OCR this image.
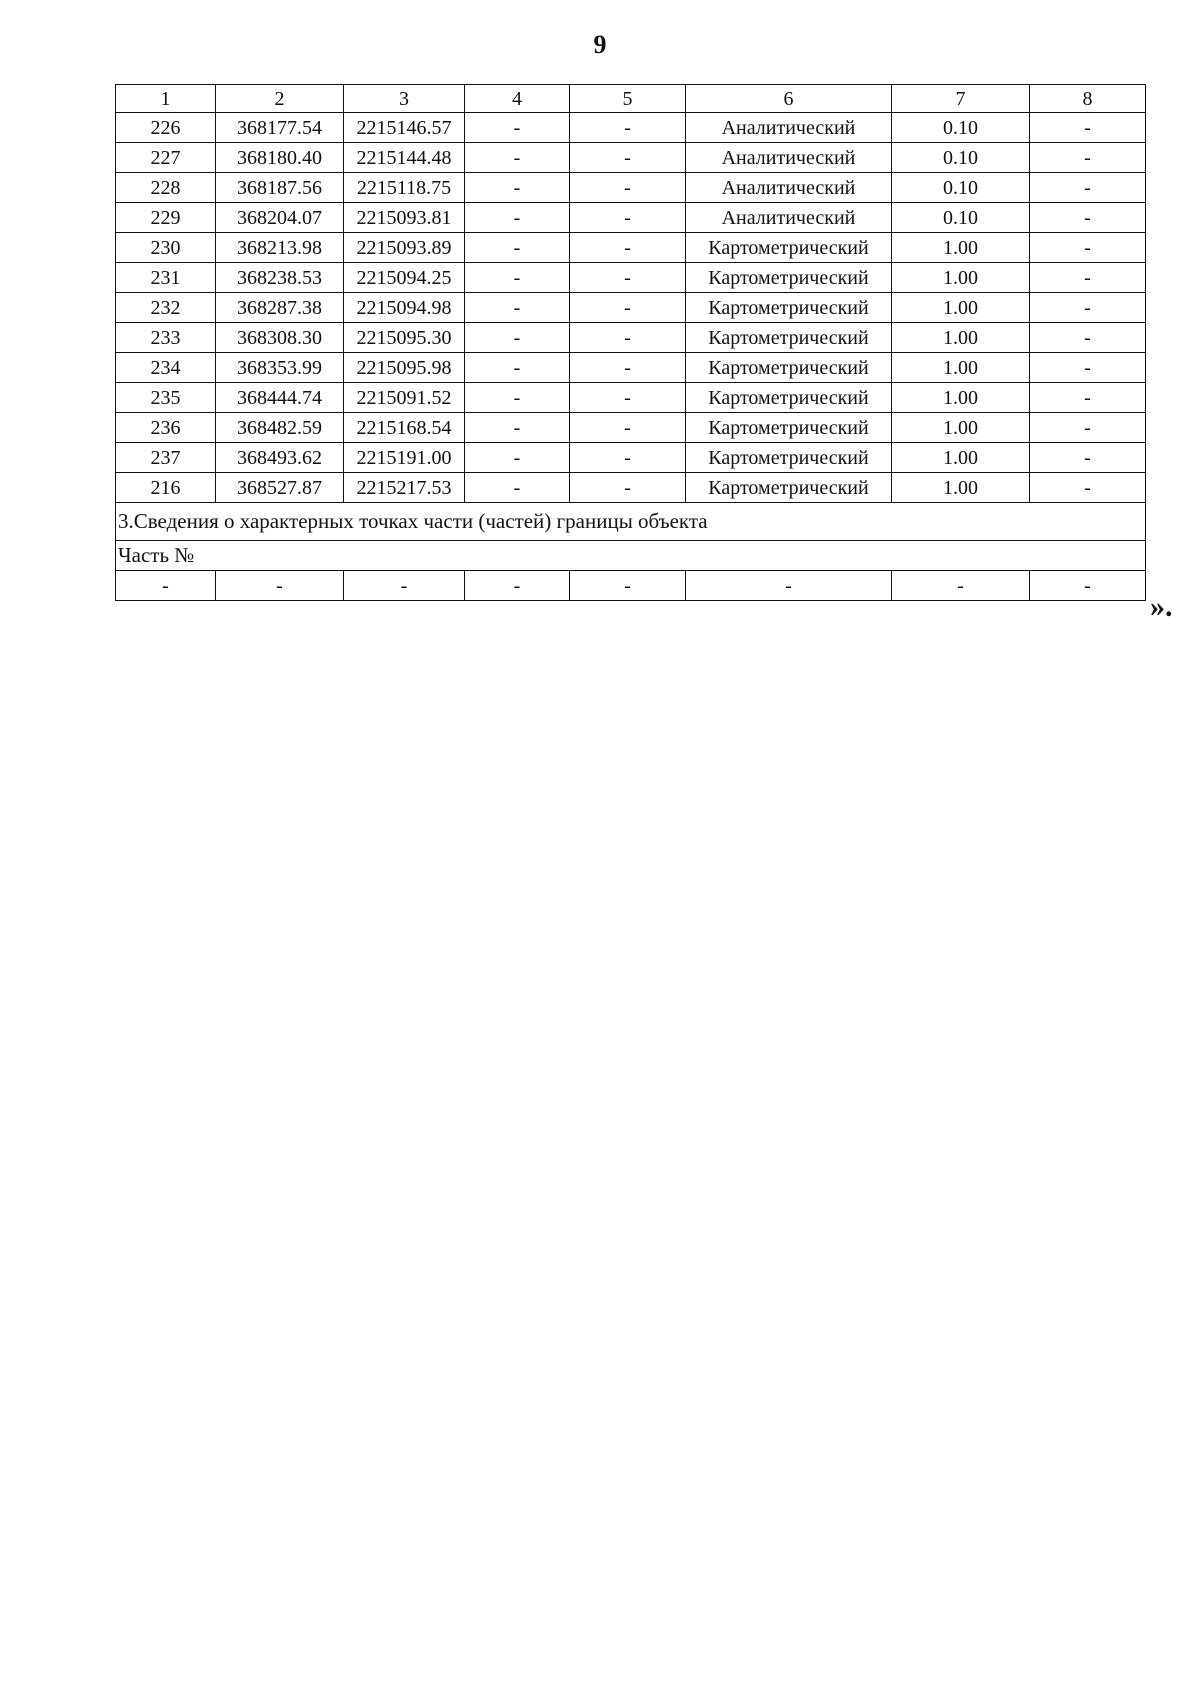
9
1	2	3	4	5	6	7	8
226	368177.54	2215146.57	-	-	Аналитический	0.10	-
227	368180.40	2215144.48	-	-	Аналитический	0.10	-
228	368187.56	2215118.75	-	-	Аналитический	0.10	-
229	368204.07	2215093.81	-	-	Аналитический	0.10	-
230	368213.98	2215093.89	-	-	Картометрический	1.00	-
231	368238.53	2215094.25	-	-	Картометрический	1.00	-
232	368287.38	2215094.98	-	-	Картометрический	1.00	-
233	368308.30	2215095.30	-	-	Картометрический	1.00	-
234	368353.99	2215095.98	-	-	Картометрический	1.00	-
235	368444.74	2215091.52	-	-	Картометрический	1.00	-
236	368482.59	2215168.54	-	-	Картометрический	1.00	-
237	368493.62	2215191.00	-	-	Картометрический	1.00	-
216	368527.87	2215217.53	-	-	Картометрический	1.00	-
3.Сведения о характерных точках части (частей) границы объекта							
Часть №							
-	-	-	-	-	-	-	-
».
